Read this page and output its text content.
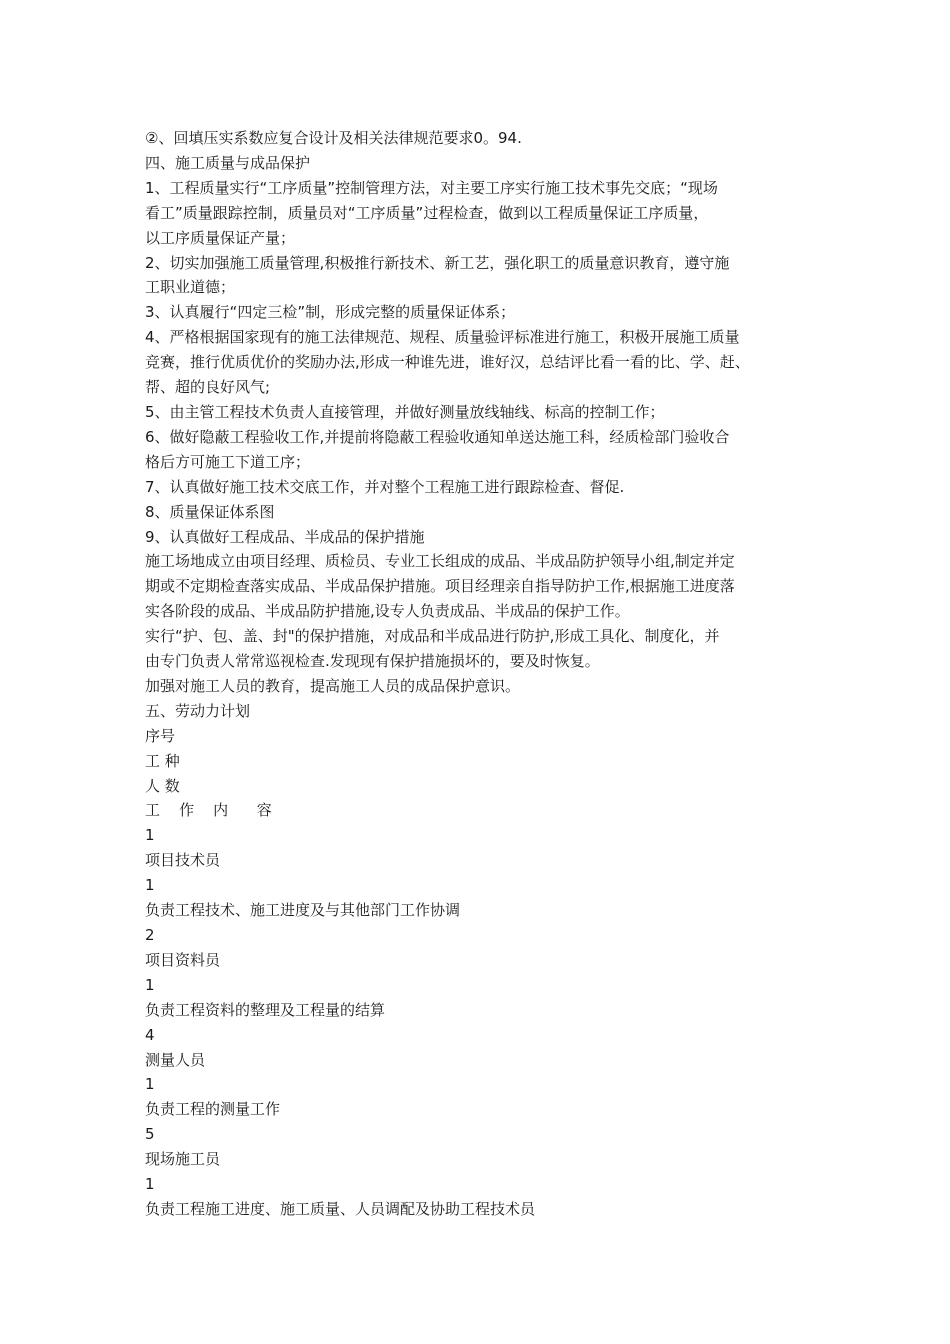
②、回填压实系数应复合设计及相关法律规范要求0。94.

四、施工质量与成品保护

1、工程质量实行“工序质量”控制管理方法，对主要工序实行施工技术事先交底；“现场

看工”质量跟踪控制，质量员对“工序质量”过程检查，做到以工程质量保证工序质量，

以工序质量保证产量；

2、切实加强施工质量管理,积极推行新技术、新工艺，强化职工的质量意识教育，遵守施

工职业道德；

3、认真履行“四定三检”制，形成完整的质量保证体系；

4、严格根据国家现有的施工法律规范、规程、质量验评标准进行施工，积极开展施工质量

竞赛，推行优质优价的奖励办法,形成一种谁先进，谁好汉，总结评比看一看的比、学、赶、

帮、超的良好风气;

5、由主管工程技术负责人直接管理，并做好测量放线轴线、标高的控制工作；

6、做好隐蔽工程验收工作,并提前将隐蔽工程验收通知单送达施工科，经质检部门验收合

格后方可施工下道工序；

7、认真做好施工技术交底工作，并对整个工程施工进行跟踪检查、督促.

8、质量保证体系图

9、认真做好工程成品、半成品的保护措施

施工场地成立由项目经理、质检员、专业工长组成的成品、半成品防护领导小组,制定并定

期或不定期检查落实成品、半成品保护措施。项目经理亲自指导防护工作,根据施工进度落

实各阶段的成品、半成品防护措施,设专人负责成品、半成品的保护工作。

实行“护、包、盖、封"的保护措施，对成品和半成品进行防护,形成工具化、制度化，并

由专门负责人常常巡视检查.发现现有保护措施损坏的，要及时恢复。

加强对施工人员的教育，提高施工人员的成品保护意识。

五、劳动力计划

序号

工 种

人 数

工    作    内      容

1

项目技术员

1

负责工程技术、施工进度及与其他部门工作协调

2

项目资料员

1

负责工程资料的整理及工程量的结算

4

测量人员

1

负责工程的测量工作

5

现场施工员

1

负责工程施工进度、施工质量、人员调配及协助工程技术员
